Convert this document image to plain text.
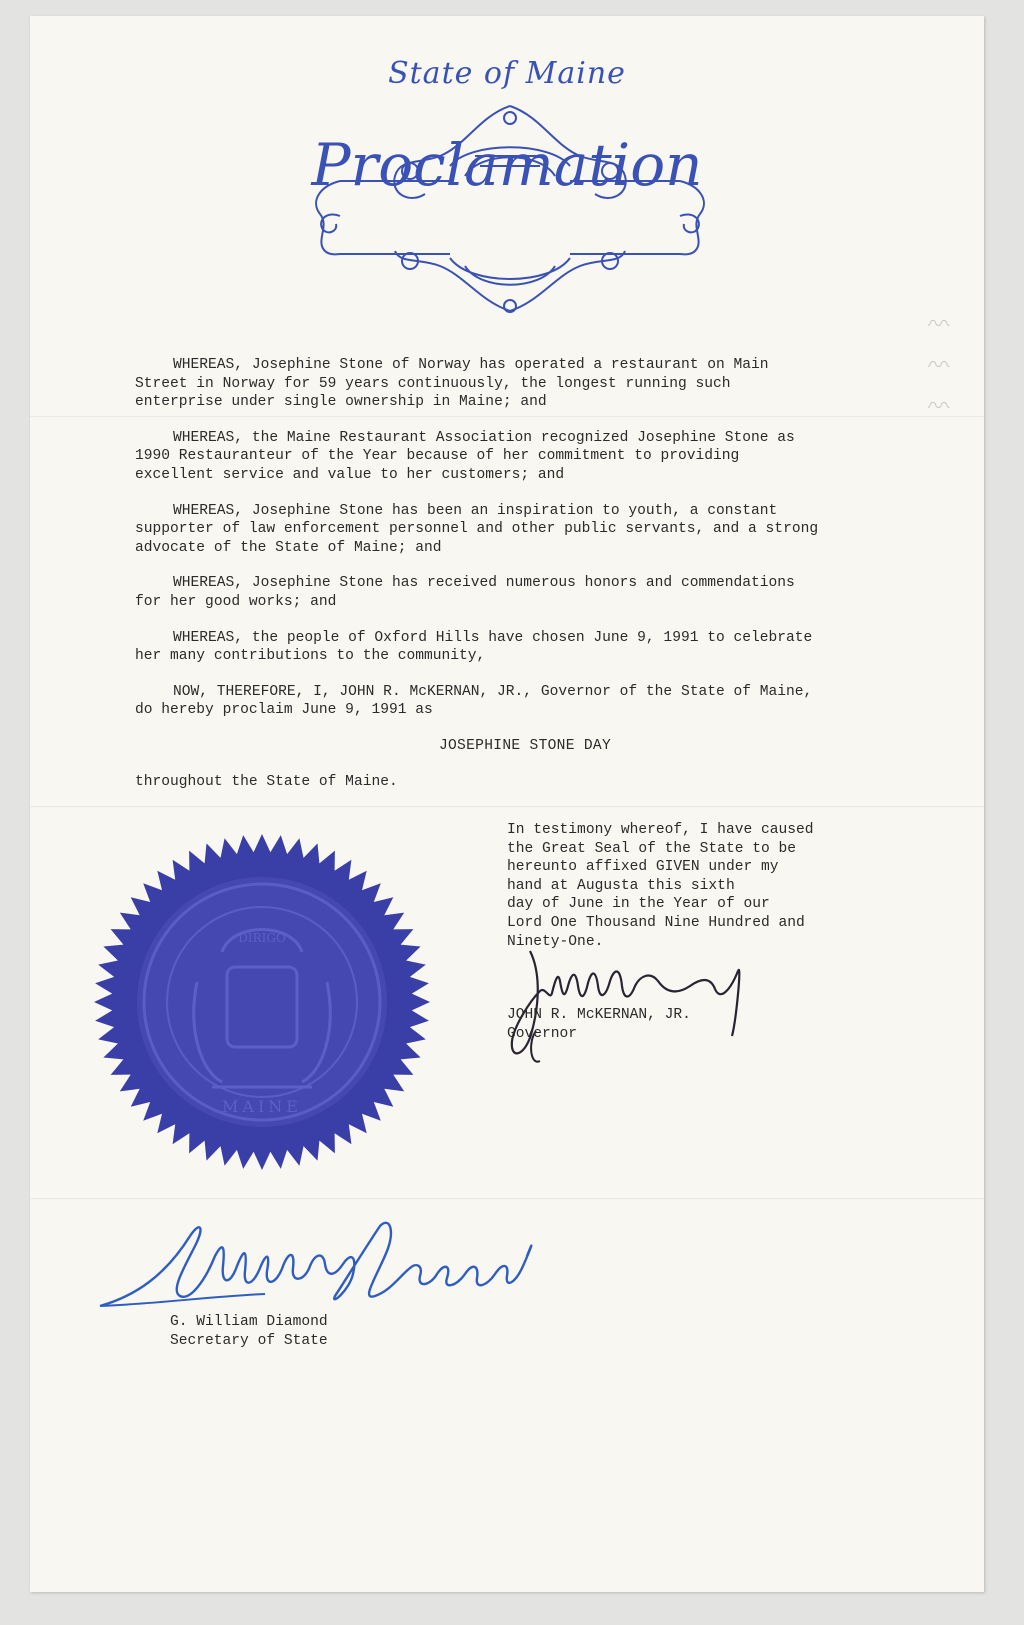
〰 〰 〰
State of Maine
Proclamation

WHEREAS, Josephine Stone of Norway has operated a restaurant on Main
Street in Norway for 59 years continuously, the longest running such
enterprise under single ownership in Maine; and

WHEREAS, the Maine Restaurant Association recognized Josephine Stone as
1990 Restauranteur of the Year because of her commitment to providing
excellent service and value to her customers; and

WHEREAS, Josephine Stone has been an inspiration to youth, a constant
supporter of law enforcement personnel and other public servants, and a strong
advocate of the State of Maine; and

WHEREAS, Josephine Stone has received numerous honors and commendations
for her good works; and

WHEREAS, the people of Oxford Hills have chosen June 9, 1991 to celebrate
her many contributions to the community,

NOW, THEREFORE, I, JOHN R. McKERNAN, JR., Governor of the State of Maine,
do hereby proclaim June 9, 1991 as

JOSEPHINE STONE DAY

throughout the State of Maine.

In testimony whereof, I have caused
the Great Seal of the State to be
hereunto affixed GIVEN under my
hand at Augusta this sixth
day of June in the Year of our
Lord One Thousand Nine Hundred and
Ninety-One.
DIRIGO
MAINE
JOHN R. McKERNAN, JR.
Governor
G. William Diamond
Secretary of State
